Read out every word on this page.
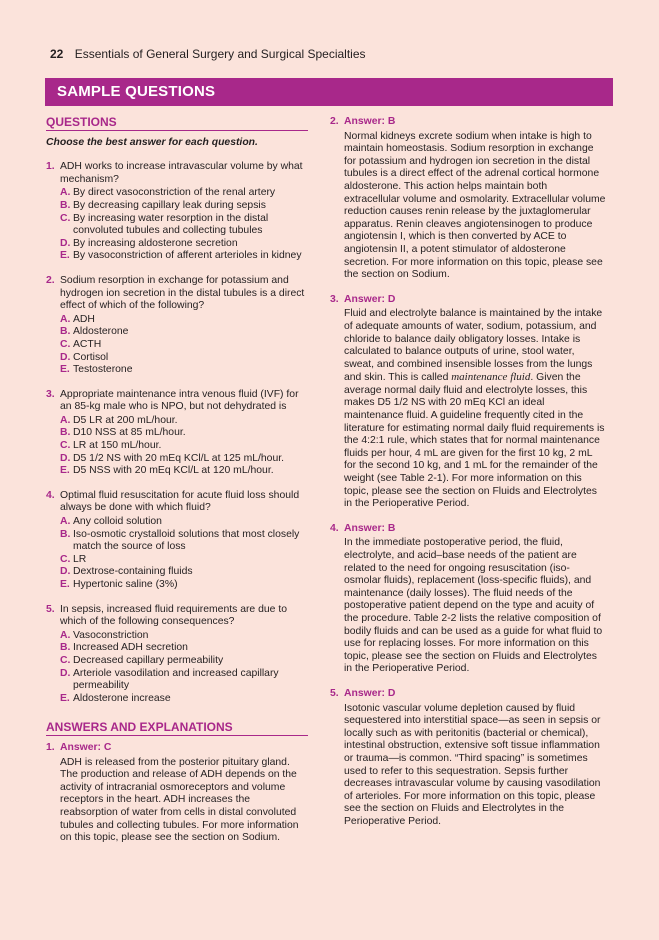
22 Essentials of General Surgery and Surgical Specialties
SAMPLE QUESTIONS
QUESTIONS
Choose the best answer for each question.
1. ADH works to increase intravascular volume by what mechanism?
A. By direct vasoconstriction of the renal artery
B. By decreasing capillary leak during sepsis
C. By increasing water resorption in the distal convoluted tubules and collecting tubules
D. By increasing aldosterone secretion
E. By vasoconstriction of afferent arterioles in kidney
2. Sodium resorption in exchange for potassium and hydrogen ion secretion in the distal tubules is a direct effect of which of the following?
A. ADH
B. Aldosterone
C. ACTH
D. Cortisol
E. Testosterone
3. Appropriate maintenance intra venous fluid (IVF) for an 85-kg male who is NPO, but not dehydrated is
A. D5 LR at 200 mL/hour.
B. D10 NSS at 85 mL/hour.
C. LR at 150 mL/hour.
D. D5 1/2 NS with 20 mEq KCl/L at 125 mL/hour.
E. D5 NSS with 20 mEq KCl/L at 120 mL/hour.
4. Optimal fluid resuscitation for acute fluid loss should always be done with which fluid?
A. Any colloid solution
B. Iso-osmotic crystalloid solutions that most closely match the source of loss
C. LR
D. Dextrose-containing fluids
E. Hypertonic saline (3%)
5. In sepsis, increased fluid requirements are due to which of the following consequences?
A. Vasoconstriction
B. Increased ADH secretion
C. Decreased capillary permeability
D. Arteriole vasodilation and increased capillary permeability
E. Aldosterone increase
ANSWERS AND EXPLANATIONS
1. Answer: C
ADH is released from the posterior pituitary gland. The production and release of ADH depends on the activity of intracranial osmoreceptors and volume receptors in the heart. ADH increases the reabsorption of water from cells in distal convoluted tubules and collecting tubules. For more information on this topic, please see the section on Sodium.
2. Answer: B
Normal kidneys excrete sodium when intake is high to maintain homeostasis. Sodium resorption in exchange for potassium and hydrogen ion secretion in the distal tubules is a direct effect of the adrenal cortical hormone aldosterone. This action helps maintain both extracellular volume and osmolarity. Extracellular volume reduction causes renin release by the juxtaglomerular apparatus. Renin cleaves angiotensinogen to produce angiotensin I, which is then converted by ACE to angiotensin II, a potent stimulator of aldosterone secretion. For more information on this topic, please see the section on Sodium.
3. Answer: D
Fluid and electrolyte balance is maintained by the intake of adequate amounts of water, sodium, potassium, and chloride to balance daily obligatory losses. Intake is calculated to balance outputs of urine, stool water, sweat, and combined insensible losses from the lungs and skin. This is called maintenance fluid. Given the average normal daily fluid and electrolyte losses, this makes D5 1/2 NS with 20 mEq KCl an ideal maintenance fluid. A guideline frequently cited in the literature for estimating normal daily fluid requirements is the 4:2:1 rule, which states that for normal maintenance fluids per hour, 4 mL are given for the first 10 kg, 2 mL for the second 10 kg, and 1 mL for the remainder of the weight (see Table 2-1). For more information on this topic, please see the section on Fluids and Electrolytes in the Perioperative Period.
4. Answer: B
In the immediate postoperative period, the fluid, electrolyte, and acid–base needs of the patient are related to the need for ongoing resuscitation (iso-osmolar fluids), replacement (loss-specific fluids), and maintenance (daily losses). The fluid needs of the postoperative patient depend on the type and acuity of the procedure. Table 2-2 lists the relative composition of bodily fluids and can be used as a guide for what fluid to use for replacing losses. For more information on this topic, please see the section on Fluids and Electrolytes in the Perioperative Period.
5. Answer: D
Isotonic vascular volume depletion caused by fluid sequestered into interstitial space—as seen in sepsis or locally such as with peritonitis (bacterial or chemical), intestinal obstruction, extensive soft tissue inflammation or trauma—is common. “Third spacing” is sometimes used to refer to this sequestration. Sepsis further decreases intravascular volume by causing vasodilation of arterioles. For more information on this topic, please see the section on Fluids and Electrolytes in the Perioperative Period.
